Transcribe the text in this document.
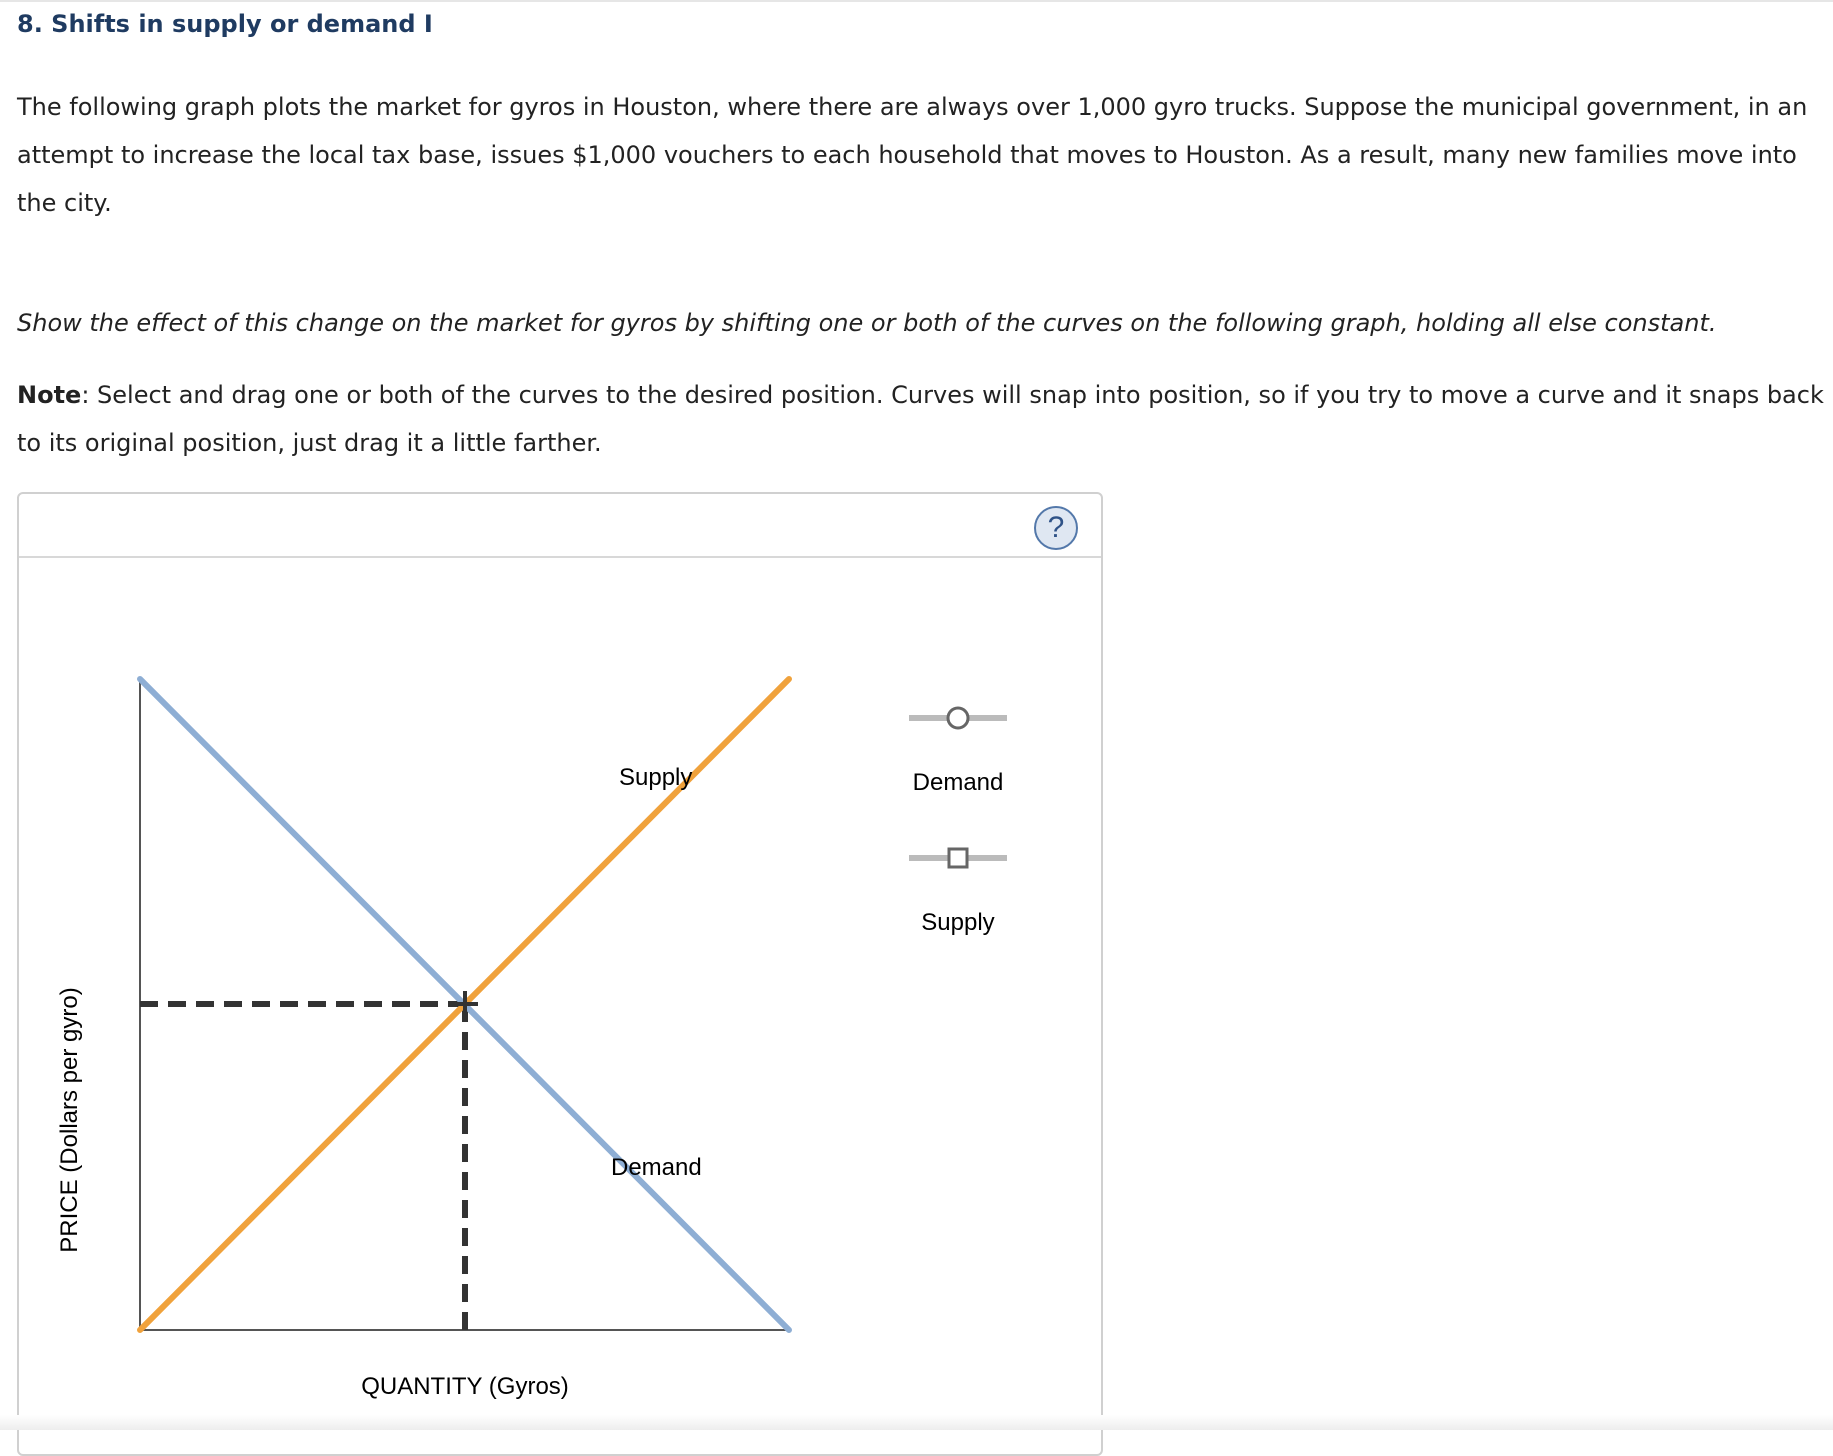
8. Shifts in supply or demand I

The following graph plots the market for gyros in Houston, where there are always over 1,000 gyro trucks. Suppose the municipal government, in an attempt to increase the local tax base, issues $1,000 vouchers to each household that moves to Houston. As a result, many new families move into the city.

Show the effect of this change on the market for gyros by shifting one or both of the curves on the following graph, holding all else constant.

Note: Select and drag one or both of the curves to the desired position. Curves will snap into position, so if you try to move a curve and it snaps back
to its original position, just drag it a little farther.

?
Supply
Demand
PRICE (Dollars per gyro)
QUANTITY (Gyros)
Demand
Supply
